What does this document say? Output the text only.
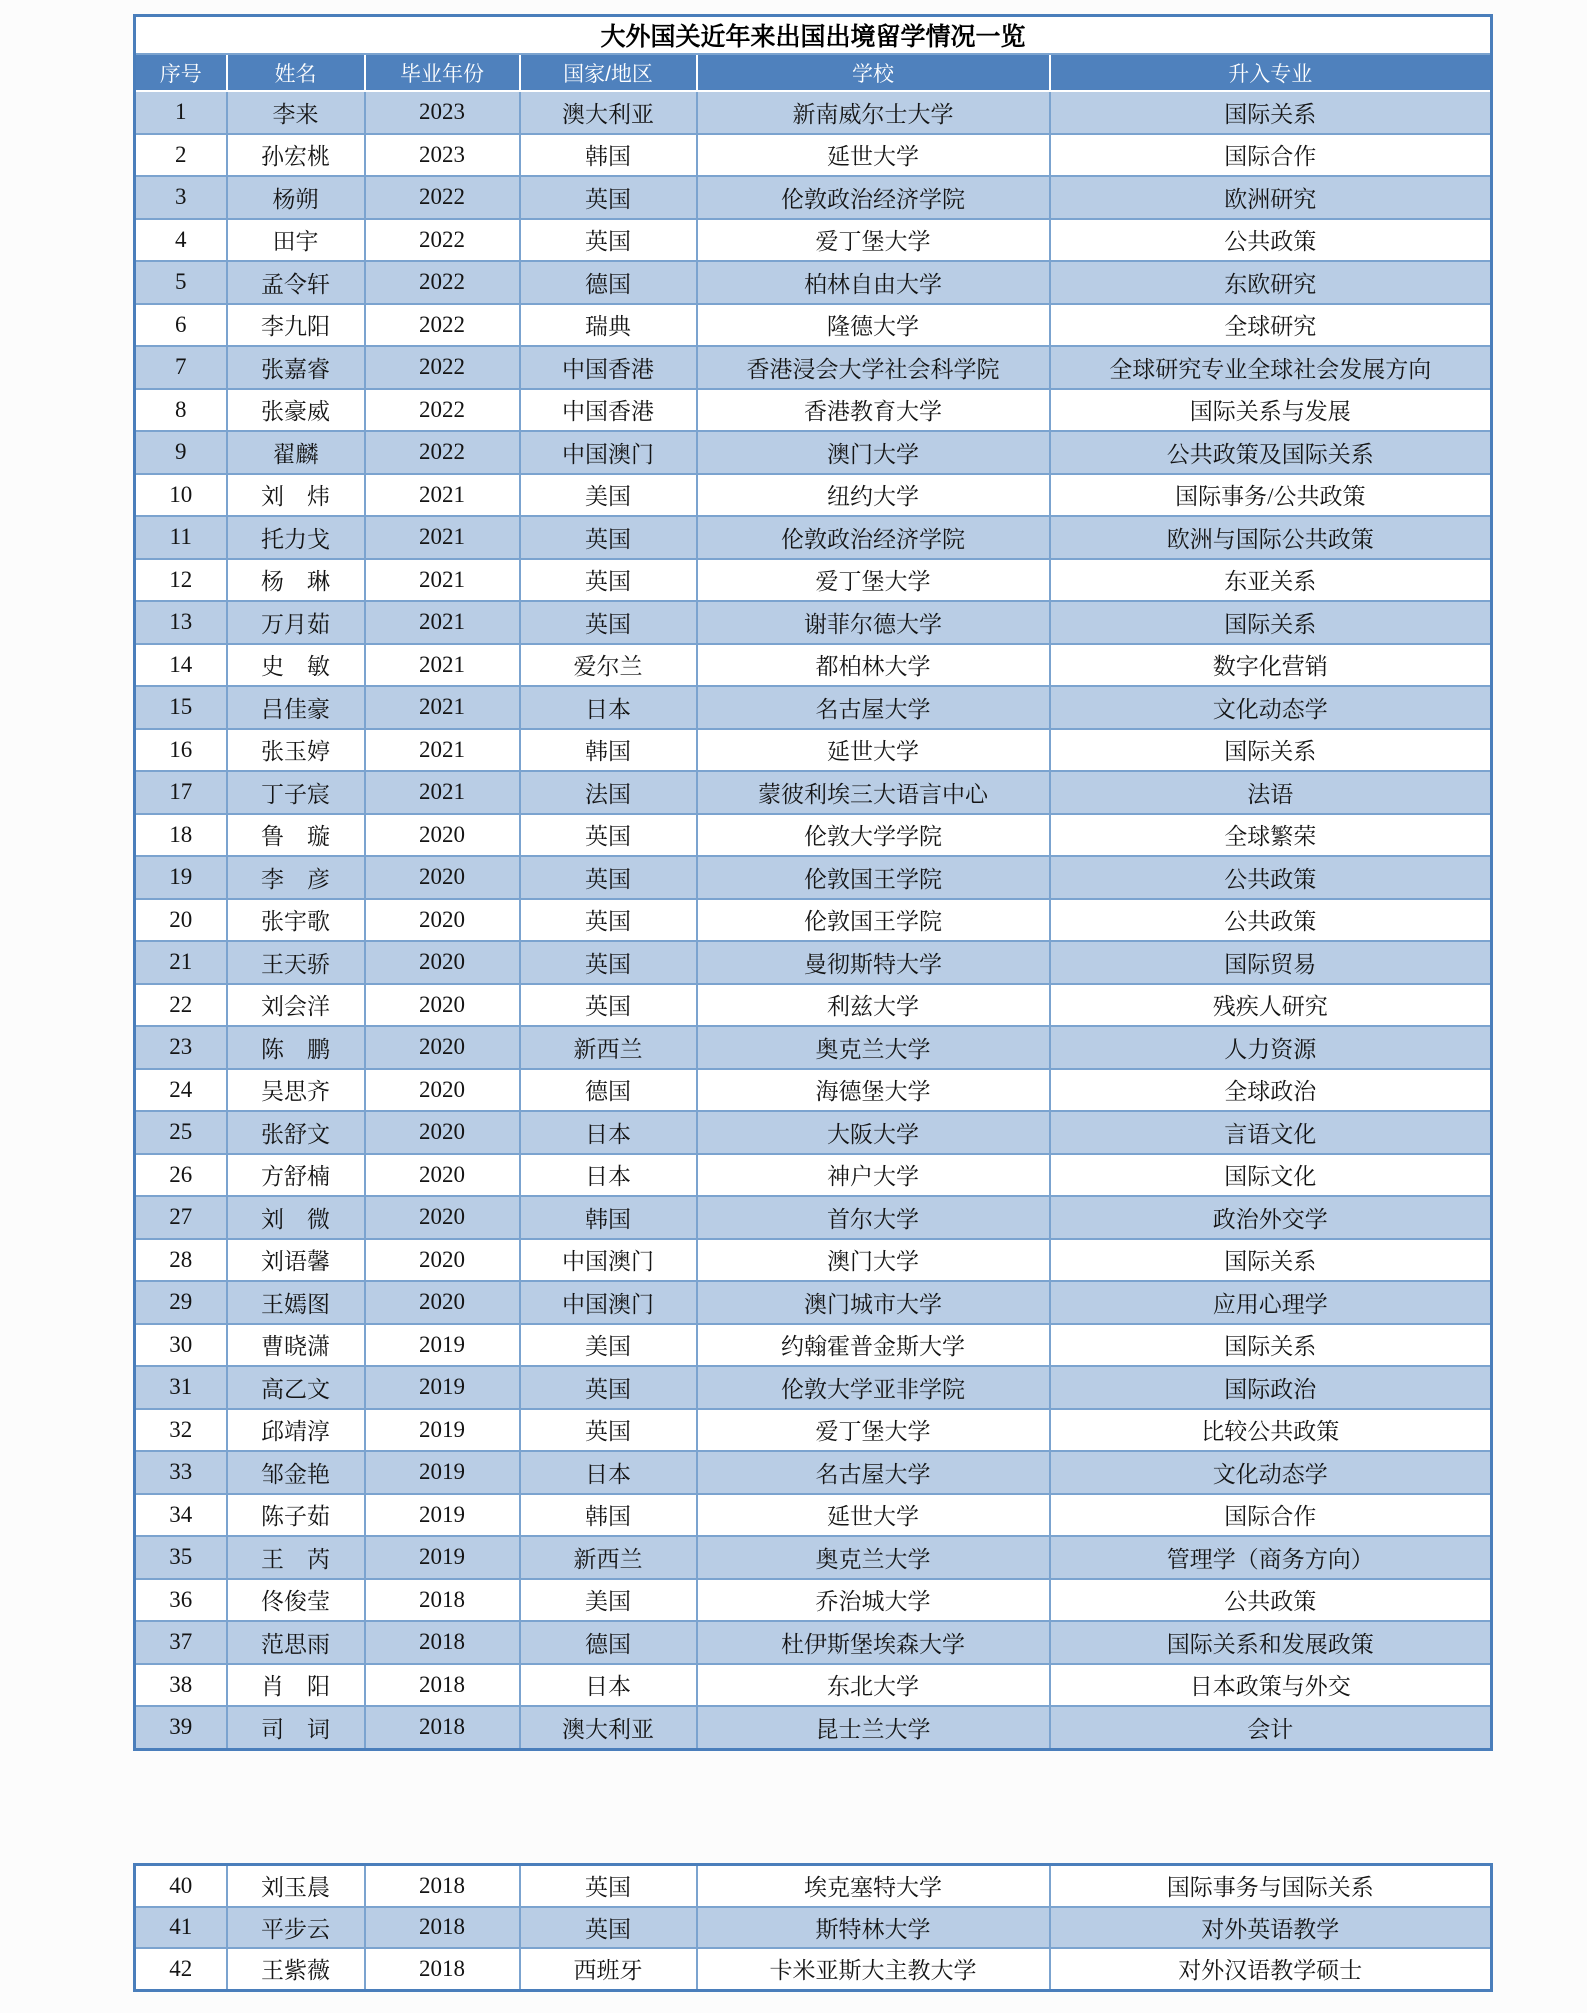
大外国关近年来出国出境留学情况一览					
序号	姓名	毕业年份	国家/地区	学校	升入专业
1	李来	2023	澳大利亚	新南威尔士大学	国际关系
2	孙宏桃	2023	韩国	延世大学	国际合作
3	杨朔	2022	英国	伦敦政治经济学院	欧洲研究
4	田宇	2022	英国	爱丁堡大学	公共政策
5	孟令轩	2022	德国	柏林自由大学	东欧研究
6	李九阳	2022	瑞典	隆德大学	全球研究
7	张嘉睿	2022	中国香港	香港浸会大学社会科学院	全球研究专业全球社会发展方向
8	张豪威	2022	中国香港	香港教育大学	国际关系与发展
9	翟麟	2022	中国澳门	澳门大学	公共政策及国际关系
10	刘　炜	2021	美国	纽约大学	国际事务/公共政策
11	托力戈	2021	英国	伦敦政治经济学院	欧洲与国际公共政策
12	杨　琳	2021	英国	爱丁堡大学	东亚关系
13	万月茹	2021	英国	谢菲尔德大学	国际关系
14	史　敏	2021	爱尔兰	都柏林大学	数字化营销
15	吕佳豪	2021	日本	名古屋大学	文化动态学
16	张玉婷	2021	韩国	延世大学	国际关系
17	丁子宸	2021	法国	蒙彼利埃三大语言中心	法语
18	鲁　璇	2020	英国	伦敦大学学院	全球繁荣
19	李　彦	2020	英国	伦敦国王学院	公共政策
20	张宇歌	2020	英国	伦敦国王学院	公共政策
21	王天骄	2020	英国	曼彻斯特大学	国际贸易
22	刘会洋	2020	英国	利兹大学	残疾人研究
23	陈　鹏	2020	新西兰	奥克兰大学	人力资源
24	吴思齐	2020	德国	海德堡大学	全球政治
25	张舒文	2020	日本	大阪大学	言语文化
26	方舒楠	2020	日本	神户大学	国际文化
27	刘　微	2020	韩国	首尔大学	政治外交学
28	刘语馨	2020	中国澳门	澳门大学	国际关系
29	王嫣图	2020	中国澳门	澳门城市大学	应用心理学
30	曹晓潇	2019	美国	约翰霍普金斯大学	国际关系
31	高乙文	2019	英国	伦敦大学亚非学院	国际政治
32	邱靖淳	2019	英国	爱丁堡大学	比较公共政策
33	邹金艳	2019	日本	名古屋大学	文化动态学
34	陈子茹	2019	韩国	延世大学	国际合作
35	王　芮	2019	新西兰	奥克兰大学	管理学（商务方向）
36	佟俊莹	2018	美国	乔治城大学	公共政策
37	范思雨	2018	德国	杜伊斯堡埃森大学	国际关系和发展政策
38	肖　阳	2018	日本	东北大学	日本政策与外交
39	司　词	2018	澳大利亚	昆士兰大学	会计
40	刘玉晨	2018	英国	埃克塞特大学	国际事务与国际关系
41	平步云	2018	英国	斯特林大学	对外英语教学
42	王紫薇	2018	西班牙	卡米亚斯大主教大学	对外汉语教学硕士
